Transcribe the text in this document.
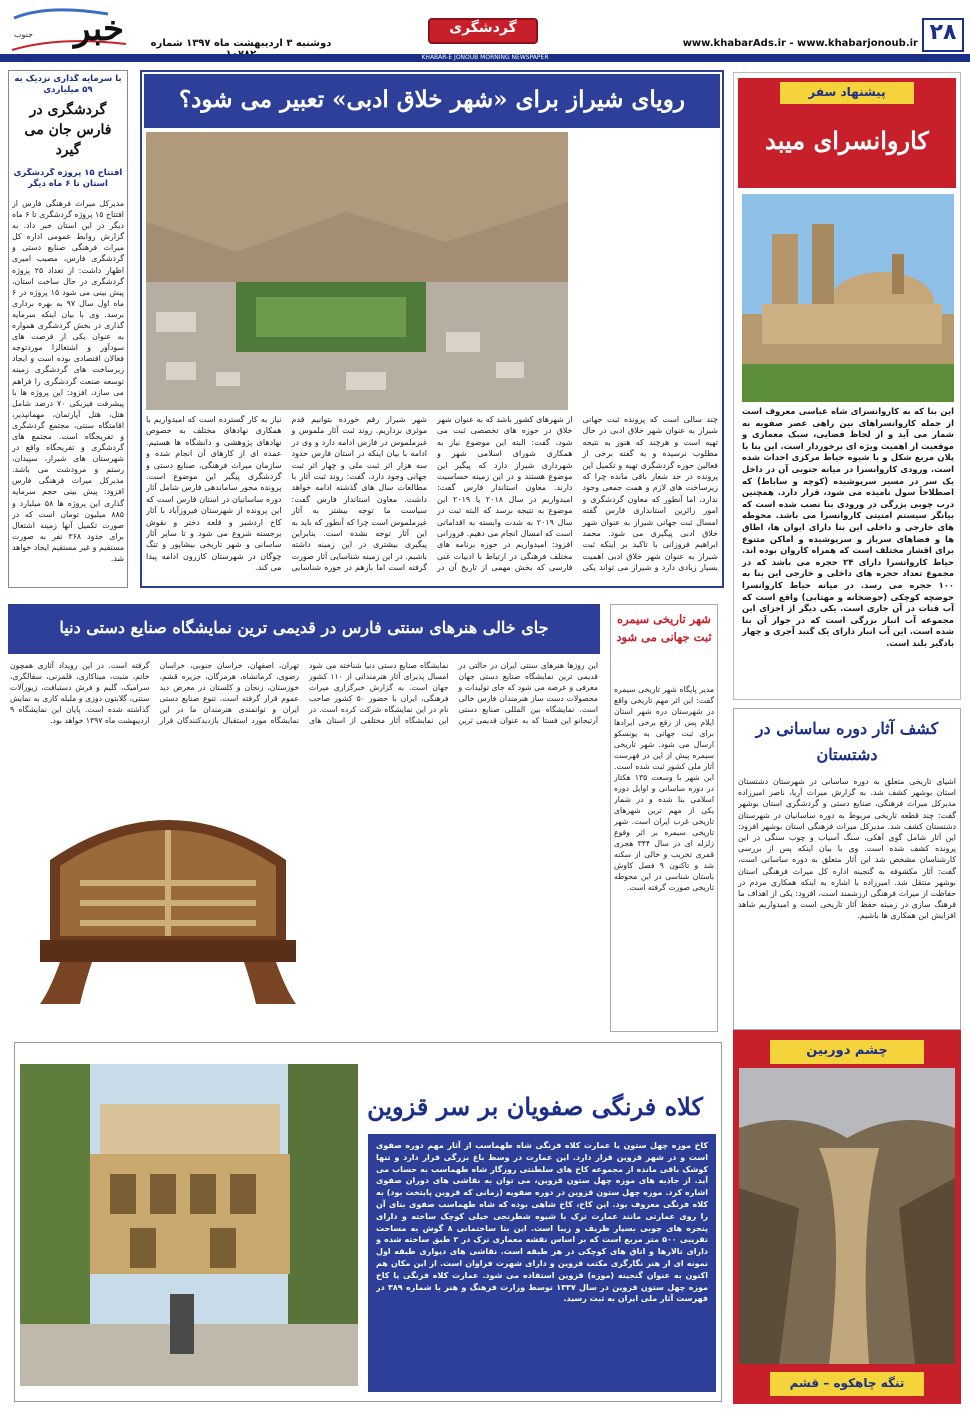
خبر
جنوب
دوشنبه ۳ اردیبهشت ماه ۱۳۹۷ شماره
گردشگری
www.khabarAds.ir - www.khabarjonoub.ir ۲۸
KHABAR-E JONOUB MORNING NEWSPAPER
پیشنهاد سفر
کاروانسرای میبد
این بنا که به کاروانسرای شاه عباسی معروف است از جمله کاروانسراهای بین راهی عصر صفویه به شمار می آید و از لحاظ فضایی، سبک معماری و موقعیت از اهمیت ویژه ای برخوردار است. این بنا با پلان مربع شکل و با شیوه حیاط مرکزی احداث شده است. ورودی کاروانسرا در میانه جنوبی آن در داخل یک سر در مسیر سرپوشیده (کوچه و ساباط) که اصطلاحاً سول نامیده می شود، قرار دارد. همچنین درب چوبی بزرگی در ورودی بنا نصب شده است که بیانگر سیستم امنیتی کاروانسرا می باشد. محوطه های خارجی و داخلی این بنا دارای ایوان ها، اطاق ها و فضاهای سرباز و سرپوشیده و اماکن متنوع برای اقشار مختلف است که همراه کاروان بوده اند. حیاط کاروانسرا دارای ۲۴ حجره می باشد که در مجموع تعداد حجره های داخلی و خارجی این بنا به ۱۰۰ حجره می رسد. در میانه حیاط کاروانسرا حوضچه کوچکی (حوضخانه و مهتابی) واقع است که آب قنات در آن جاری است. یکی دیگر از اجزای این مجموعه آب انبار بزرگی است که در جوار آن بنا شده است. این آب انبار دارای یک گنبد آجری و چهار بادگیر بلند است.
رویای شیراز برای «شهر خلاق ادبی» تعبیر می شود؟
چند سالی است که پرونده ثبت جهانی شیراز به عنوان شهر خلاق ادبی در حال تهیه است و هرچند که هنوز به نتیجه مطلوب نرسیده و به گفته برخی از فعالین حوزه گردشگری تهیه و تکمیل این پرونده در حد شعار باقی مانده چرا که زیرساخت های لازم و همت جمعی وجود ندارد، اما آنطور که معاون گردشگری و امور زائرین استانداری فارس گفته امسال ثبت جهانی شیراز به عنوان شهر خلاق ادبی پیگیری می شود. محمد ابراهیم فروزانی با تاکید بر اینکه ثبت شیراز به عنوان شهر خلاق ادبی اهمیت بسیار زیادی دارد و شیراز می تواند یکی از شهرهای کشور باشد که به عنوان شهر خلاق در حوزه های تخصصی ثبت می شود، گفت: البته این موضوع نیاز به همکاری شورای اسلامی شهر و شهرداری شیراز دارد که پیگیر این موضوع هستند و در این زمینه حساسیت دارند. معاون استاندار فارس گفت: امیدواریم در سال ۲۰۱۸ یا ۲۰۱۹ این موضوع به نتیجه برسد که البته ثبت در سال ۲۰۱۹ به شدت وابسته به اقداماتی است که امسال انجام می دهیم. فروزانی افزود: امیدواریم در حوزه برنامه های مختلف فرهنگی در ارتباط با ادبیات غنی فارسی که بخش مهمی از تاریخ آن در شهر شیراز رقم خورده بتوانیم قدم موثری برداریم. روند ثبت آثار ملموس و غیرملموس در فارس ادامه دارد و وی در ادامه با بیان اینکه در استان فارس حدود سه هزار اثر ثبت ملی و چهار اثر ثبت جهانی وجود دارد، گفت: روند ثبت آثار با مطالعات سال های گذشته ادامه خواهد داشت. معاون استاندار فارس گفت: سیاست ما توجه بیشتر به آثار غیرملموس است چرا که آنطور که باید به این آثار توجه نشده است. بنابراین پیگیری بیشتری در این زمینه داشته باشیم. در این زمینه شناسایی آثار صورت گرفته است اما بازهم در حوزه شناسایی نیاز به کار گسترده است که امیدواریم با همکاری نهادهای مختلف به خصوص نهادهای پژوهشی و دانشگاه ها هستیم. عمده ای از کارهای آن انجام شده و سازمان میراث فرهنگی، صنایع دستی و گردشگری پیگیر این موضوع است. پرونده محور ساماندهی فارس شامل آثار دوره ساسانیان در استان فارس است که این پرونده از شهرستان فیروزآباد با آثار کاخ اردشیر و قلعه دختر و نقوش برجسته شروع می شود و تا سایر آثار ساسانی و شهر تاریخی بیشاپور و تنگ چوگان در شهرستان کازرون ادامه پیدا می کند.
با سرمایه گذاری نزدیک به ۵۹ میلیاردی
گردشگری در فارس جان می گیرد
افتتاح ۱۵ پروژه گردشگری استان تا ۶ ماه دیگر
مدیرکل میراث فرهنگی فارس از افتتاح ۱۵ پروژه گردشگری تا ۶ ماه دیگر در این استان خبر داد. به گزارش روابط عمومی اداره کل میراث فرهنگی صنایع دستی و گردشگری فارس، مصیب امیری اظهار داشت: از تعداد ۲۵ پروژه گردشگری در حال ساخت استان، پیش بینی می شود ۱۵ پروژه در ۶ ماه اول سال ۹۷ به بهره برداری برسد. وی با بیان اینکه سرمایه گذاری در بخش گردشگری همواره به عنوان یکی از فرصت های سودآور و اشتغالزا موردتوجه فعالان اقتصادی بوده است و ایجاد زیرساخت های گردشگری زمینه توسعه صنعت گردشگری را فراهم می سازد، افزود: این پروژه ها با پیشرفت فیزیکی ۷۰ درصد شامل هتل، هتل آپارتمان، مهمانپذیر، اقامتگاه سنتی، مجتمع گردشگری و تفریحگاه است. مجتمع های گردشگری و تفریحگاه واقع در شهرستان های شیراز، سپیدان، رستم و مرودشت می باشد. مدیرکل میراث فرهنگی فارس افزود: پیش بینی حجم سرمایه گذاری این پروژه ها ۵۸ میلیارد و ۸۸۵ میلیون تومان است که در صورت تکمیل آنها زمینه اشتغال برای حدود ۳۶۸ نفر به صورت مستقیم و غیر مستقیم ایجاد خواهد شد.
جای خالی هنرهای سنتی فارس در قدیمی ترین نمایشگاه صنایع دستی دنیا
این روزها هنرهای سنتی ایران در حالتی در قدیمی ترین نمایشگاه صنایع دستی جهان معرفی و عرضه می شود که جای تولیدات و محصولات دست ساز هنرمندان فارس خالی است. نمایشگاه بین المللی صنایع دستی آرتیجانو این فستا که به عنوان قدیمی ترین نمایشگاه صنایع دستی دنیا شناخته می شود امسال پذیرای آثار هنرمندانی از ۱۱۰ کشور جهان است. به گزارش خبرگزاری میراث فرهنگی، ایران با حضور ۵۰ کشور صاحب نام در این نمایشگاه شرکت کرده است. در این نمایشگاه آثار مختلفی از استان های تهران، اصفهان، خراسان جنوبی، خراسان رضوی، کرمانشاه، هرمزگان، جزیره قشم، خوزستان، زنجان و کلستان در معرض دید عموم قرار گرفته است. تنوع صنایع دستی ایران و توانمندی هنرمندان ما در این نمایشگاه مورد استقبال بازدیدکنندگان قرار گرفته است. در این رویداد آثاری همچون خاتم، منبت، میناکاری، قلمزنی، سفالگری، سرامیک، گلیم و فرش دستبافت، زیورآلات سنتی، گلابتون دوزی و ملیله کاری به نمایش گذاشته شده است. پایان این نمایشگاه ۹ اردیبهشت ماه ۱۳۹۷ خواهد بود.
شهر تاریخی سیمره ثبت جهانی می شود
مدیر پایگاه شهر تاریخی سیمره گفت: این اثر مهم تاریخی واقع در شهرستان دره شهر استان ایلام پس از رفع برخی ایرادها برای ثبت جهانی به یونسکو ارسال می شود. شهر تاریخی سیمره پیش از این در فهرست آثار ملی کشور ثبت شده است. این شهر با وسعت ۱۳۵ هکتار در دوره ساسانی و اوایل دوره اسلامی بنا شده و در شمار یکی از مهم ترین شهرهای تاریخی غرب ایران است. شهر تاریخی سیمره بر اثر وقوع زلزله ای در سال ۳۴۴ هجری قمری تخریب و خالی از سکنه شد و تاکنون ۹ فصل کاوش باستان شناسی در این محوطه تاریخی صورت گرفته است.
کشف آثار دوره ساسانی در دشتستان
اشیای تاریخی متعلق به دوره ساسانی در شهرستان دشتستان استان بوشهر کشف شد. به گزارش میراث آریا، ناصر امیرزاده مدیرکل میراث فرهنگی، صنایع دستی و گردشگری استان بوشهر گفت: چند قطعه تاریخی مربوط به دوره ساسانیان در شهرستان دشتستان کشف شد. مدیرکل میراث فرهنگی استان بوشهر افزود: این آثار شامل گوی آهکی، سنگ آسیاب و چوب سنگی در این پرونده کشف شده است. وی با بیان اینکه پس از بررسی کارشناسان مشخص شد این آثار متعلق به دوره ساسانی است، گفت: آثار مکشوفه به گنجینه اداره کل میراث فرهنگی استان بوشهر منتقل شد. امیرزاده با اشاره به اینکه همکاری مردم در حفاظت از میراث فرهنگی ارزشمند است، افزود: یکی از اهداف ما فرهنگ سازی در زمینه حفظ آثار تاریخی است و امیدواریم شاهد افزایش این همکاری ها باشیم.
کلاه فرنگی صفویان بر سر قزوین
کاخ موزه چهل ستون یا عمارت کلاه فرنگی شاه طهماسب از آثار مهم دوره صفوی است و در شهر قزوین قرار دارد. این عمارت در وسط باغ بزرگی قرار دارد و تنها کوشک باقی مانده از مجموعه کاخ های سلطنتی روزگار شاه طهماسب به حساب می آید. از جاذبه های موزه چهل ستون قزوین، می توان به نقاشی های دوران صفوی اشاره کرد. موزه چهل ستون قزوین در دوره صفویه (زمانی که قزوین پایتخت بود) به کلاه فرنگی معروف بود. این کاخ، کاخ شاهی بوده که شاه طهماسب صفوی بنای آن را روی عمارتی مانند عمارت ترک با شیوه شطرنجی خیلی کوچک ساخته و دارای پنجره های چوبی بسیار ظریف و زیبا است. این بنا ساختمانی ۸ گوش به مساحت تقریبی ۵۰۰ متر مربع است که بر اساس نقشه معماری ترک در ۲ طبق ساخته شده و دارای تالارها و اتاق های کوچکی در هر طبقه است. نقاشی های دیواری طبقه اول نمونه ای از هنر نگارگری مکتب قزوین و دارای شهرت فراوان است. از این مکان هم اکنون به عنوان گنجینه (موزه) قزوین استفاده می شود. عمارت کلاه فرنگی یا کاخ موزه چهل ستون قزوین در سال ۱۳۳۷ توسط وزارت فرهنگ و هنر با شماره ۳۸۹ در فهرست آثار ملی ایران به ثبت رسید.
چشم دوربین
تنگه چاهکوه – قشم
